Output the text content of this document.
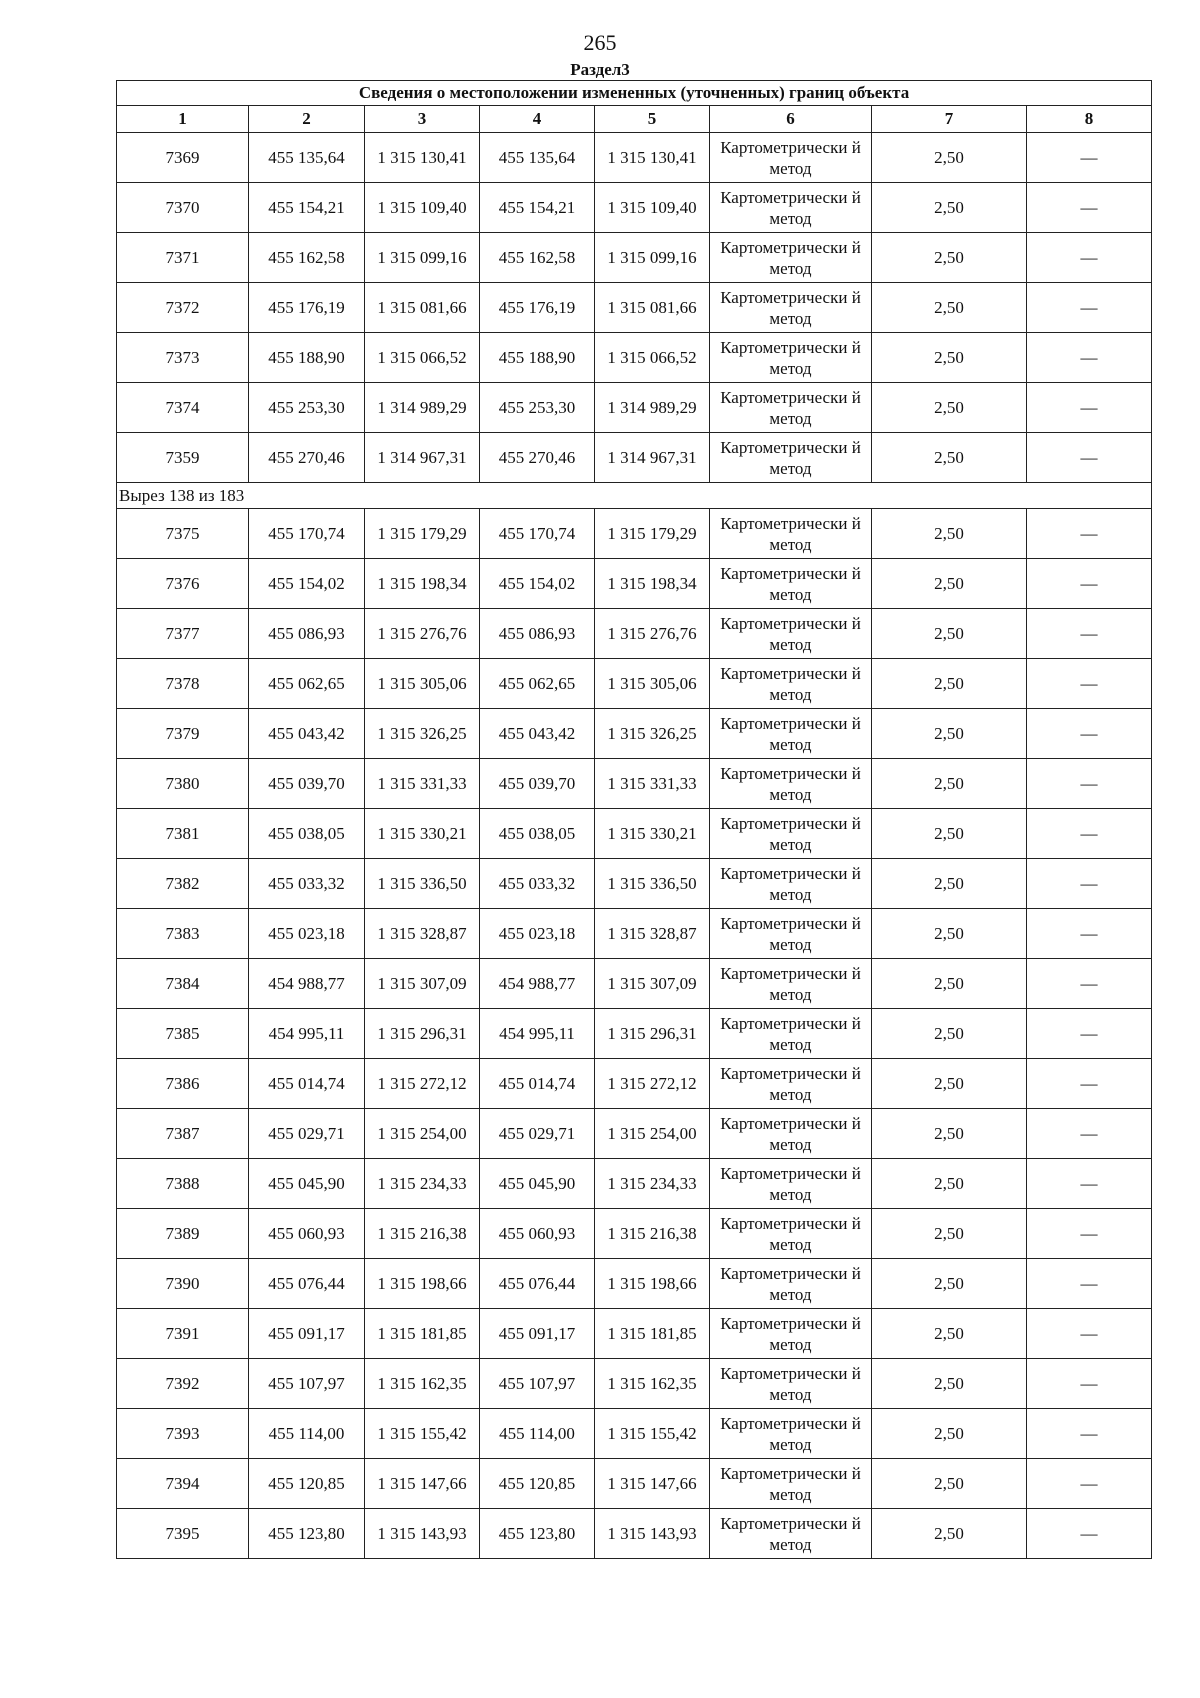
265
Раздел3
Сведения о местоположении измененных (уточненных) границ объекта							
1	2	3	4	5	6	7	8
7369	455 135,64	1 315 130,41	455 135,64	1 315 130,41	Картометрически й метод	2,50	—
7370	455 154,21	1 315 109,40	455 154,21	1 315 109,40	Картометрически й метод	2,50	—
7371	455 162,58	1 315 099,16	455 162,58	1 315 099,16	Картометрически й метод	2,50	—
7372	455 176,19	1 315 081,66	455 176,19	1 315 081,66	Картометрически й метод	2,50	—
7373	455 188,90	1 315 066,52	455 188,90	1 315 066,52	Картометрически й метод	2,50	—
7374	455 253,30	1 314 989,29	455 253,30	1 314 989,29	Картометрически й метод	2,50	—
7359	455 270,46	1 314 967,31	455 270,46	1 314 967,31	Картометрически й метод	2,50	—
Вырез 138 из 183							
7375	455 170,74	1 315 179,29	455 170,74	1 315 179,29	Картометрически й метод	2,50	—
7376	455 154,02	1 315 198,34	455 154,02	1 315 198,34	Картометрически й метод	2,50	—
7377	455 086,93	1 315 276,76	455 086,93	1 315 276,76	Картометрически й метод	2,50	—
7378	455 062,65	1 315 305,06	455 062,65	1 315 305,06	Картометрически й метод	2,50	—
7379	455 043,42	1 315 326,25	455 043,42	1 315 326,25	Картометрически й метод	2,50	—
7380	455 039,70	1 315 331,33	455 039,70	1 315 331,33	Картометрически й метод	2,50	—
7381	455 038,05	1 315 330,21	455 038,05	1 315 330,21	Картометрически й метод	2,50	—
7382	455 033,32	1 315 336,50	455 033,32	1 315 336,50	Картометрически й метод	2,50	—
7383	455 023,18	1 315 328,87	455 023,18	1 315 328,87	Картометрически й метод	2,50	—
7384	454 988,77	1 315 307,09	454 988,77	1 315 307,09	Картометрически й метод	2,50	—
7385	454 995,11	1 315 296,31	454 995,11	1 315 296,31	Картометрически й метод	2,50	—
7386	455 014,74	1 315 272,12	455 014,74	1 315 272,12	Картометрически й метод	2,50	—
7387	455 029,71	1 315 254,00	455 029,71	1 315 254,00	Картометрически й метод	2,50	—
7388	455 045,90	1 315 234,33	455 045,90	1 315 234,33	Картометрически й метод	2,50	—
7389	455 060,93	1 315 216,38	455 060,93	1 315 216,38	Картометрически й метод	2,50	—
7390	455 076,44	1 315 198,66	455 076,44	1 315 198,66	Картометрически й метод	2,50	—
7391	455 091,17	1 315 181,85	455 091,17	1 315 181,85	Картометрически й метод	2,50	—
7392	455 107,97	1 315 162,35	455 107,97	1 315 162,35	Картометрически й метод	2,50	—
7393	455 114,00	1 315 155,42	455 114,00	1 315 155,42	Картометрически й метод	2,50	—
7394	455 120,85	1 315 147,66	455 120,85	1 315 147,66	Картометрически й метод	2,50	—
7395	455 123,80	1 315 143,93	455 123,80	1 315 143,93	Картометрически й метод	2,50	—
